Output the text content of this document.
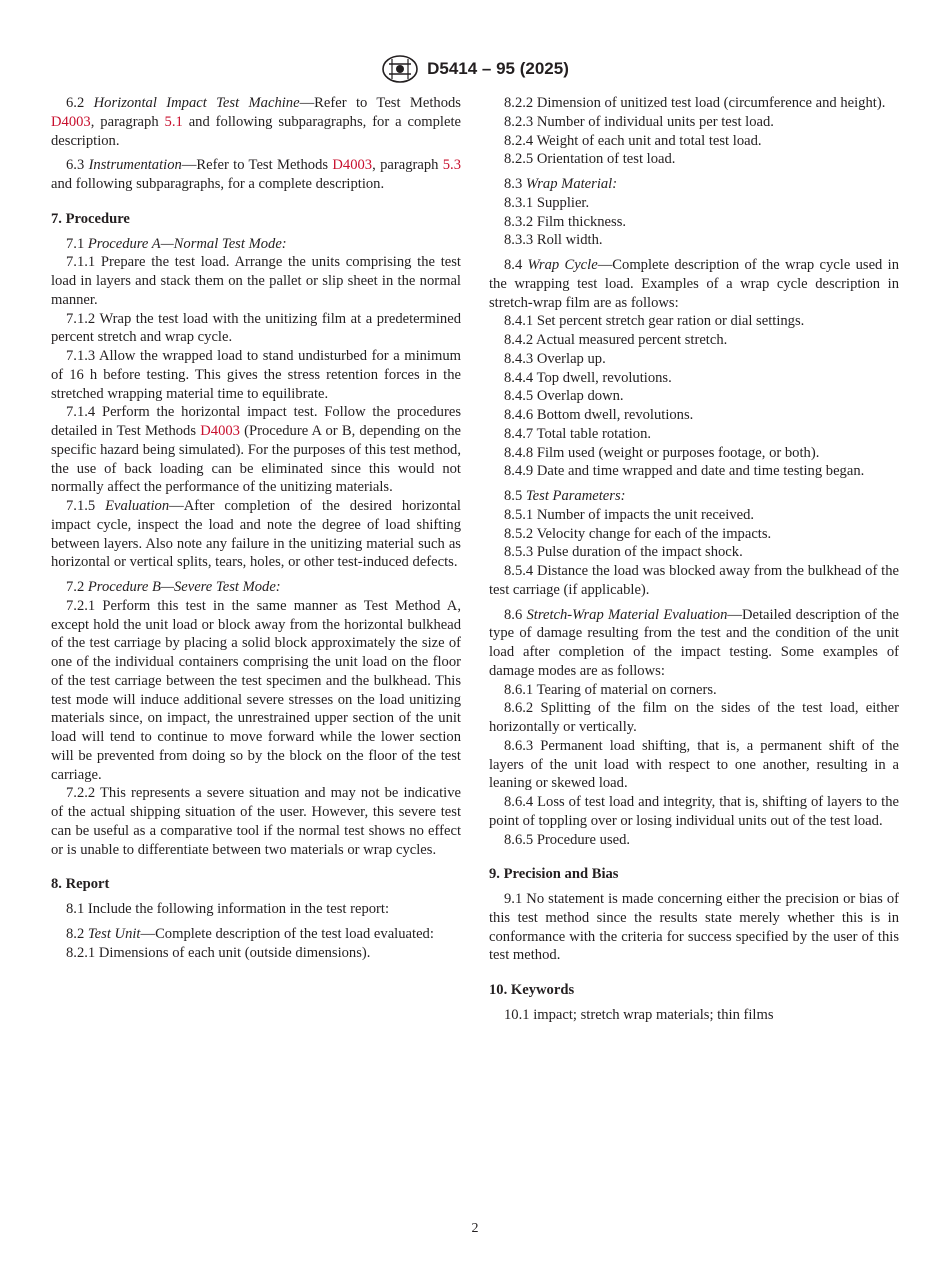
D5414 – 95 (2025)

6.2 Horizontal Impact Test Machine—Refer to Test Methods D4003, paragraph 5.1 and following subparagraphs, for a complete description.

6.3 Instrumentation—Refer to Test Methods D4003, paragraph 5.3 and following subparagraphs, for a complete description.

7. Procedure

7.1 Procedure A—Normal Test Mode:

7.1.1 Prepare the test load. Arrange the units comprising the test load in layers and stack them on the pallet or slip sheet in the normal manner.

7.1.2 Wrap the test load with the unitizing film at a predetermined percent stretch and wrap cycle.

7.1.3 Allow the wrapped load to stand undisturbed for a minimum of 16 h before testing. This gives the stress retention forces in the stretched wrapping material time to equilibrate.

7.1.4 Perform the horizontal impact test. Follow the procedures detailed in Test Methods D4003 (Procedure A or B, depending on the specific hazard being simulated). For the purposes of this test method, the use of back loading can be eliminated since this would not normally affect the performance of the unitizing materials.

7.1.5 Evaluation—After completion of the desired horizontal impact cycle, inspect the load and note the degree of load shifting between layers. Also note any failure in the unitizing material such as horizontal or vertical splits, tears, holes, or other test-induced defects.

7.2 Procedure B—Severe Test Mode:

7.2.1 Perform this test in the same manner as Test Method A, except hold the unit load or block away from the horizontal bulkhead of the test carriage by placing a solid block approximately the size of one of the individual containers comprising the unit load on the floor of the test carriage between the test specimen and the bulkhead. This test mode will induce additional severe stresses on the load unitizing materials since, on impact, the unrestrained upper section of the unit load will tend to continue to move forward while the lower section will be prevented from doing so by the block on the floor of the test carriage.

7.2.2 This represents a severe situation and may not be indicative of the actual shipping situation of the user. However, this severe test can be useful as a comparative tool if the normal test shows no effect or is unable to differentiate between two materials or wrap cycles.

8. Report

8.1 Include the following information in the test report:

8.2 Test Unit—Complete description of the test load evaluated:

8.2.1 Dimensions of each unit (outside dimensions).

8.2.2 Dimension of unitized test load (circumference and height).

8.2.3 Number of individual units per test load.

8.2.4 Weight of each unit and total test load.

8.2.5 Orientation of test load.

8.3 Wrap Material:

8.3.1 Supplier.

8.3.2 Film thickness.

8.3.3 Roll width.

8.4 Wrap Cycle—Complete description of the wrap cycle used in the wrapping test load. Examples of a wrap cycle description in stretch-wrap film are as follows:

8.4.1 Set percent stretch gear ration or dial settings.

8.4.2 Actual measured percent stretch.

8.4.3 Overlap up.

8.4.4 Top dwell, revolutions.

8.4.5 Overlap down.

8.4.6 Bottom dwell, revolutions.

8.4.7 Total table rotation.

8.4.8 Film used (weight or purposes footage, or both).

8.4.9 Date and time wrapped and date and time testing began.

8.5 Test Parameters:

8.5.1 Number of impacts the unit received.

8.5.2 Velocity change for each of the impacts.

8.5.3 Pulse duration of the impact shock.

8.5.4 Distance the load was blocked away from the bulkhead of the test carriage (if applicable).

8.6 Stretch-Wrap Material Evaluation—Detailed description of the type of damage resulting from the test and the condition of the unit load after completion of the impact testing. Some examples of damage modes are as follows:

8.6.1 Tearing of material on corners.

8.6.2 Splitting of the film on the sides of the test load, either horizontally or vertically.

8.6.3 Permanent load shifting, that is, a permanent shift of the layers of the unit load with respect to one another, resulting in a leaning or skewed load.

8.6.4 Loss of test load and integrity, that is, shifting of layers to the point of toppling over or losing individual units out of the test load.

8.6.5 Procedure used.

9. Precision and Bias

9.1 No statement is made concerning either the precision or bias of this test method since the results state merely whether this is in conformance with the criteria for success specified by the user of this test method.

10. Keywords

10.1 impact; stretch wrap materials; thin films

2
